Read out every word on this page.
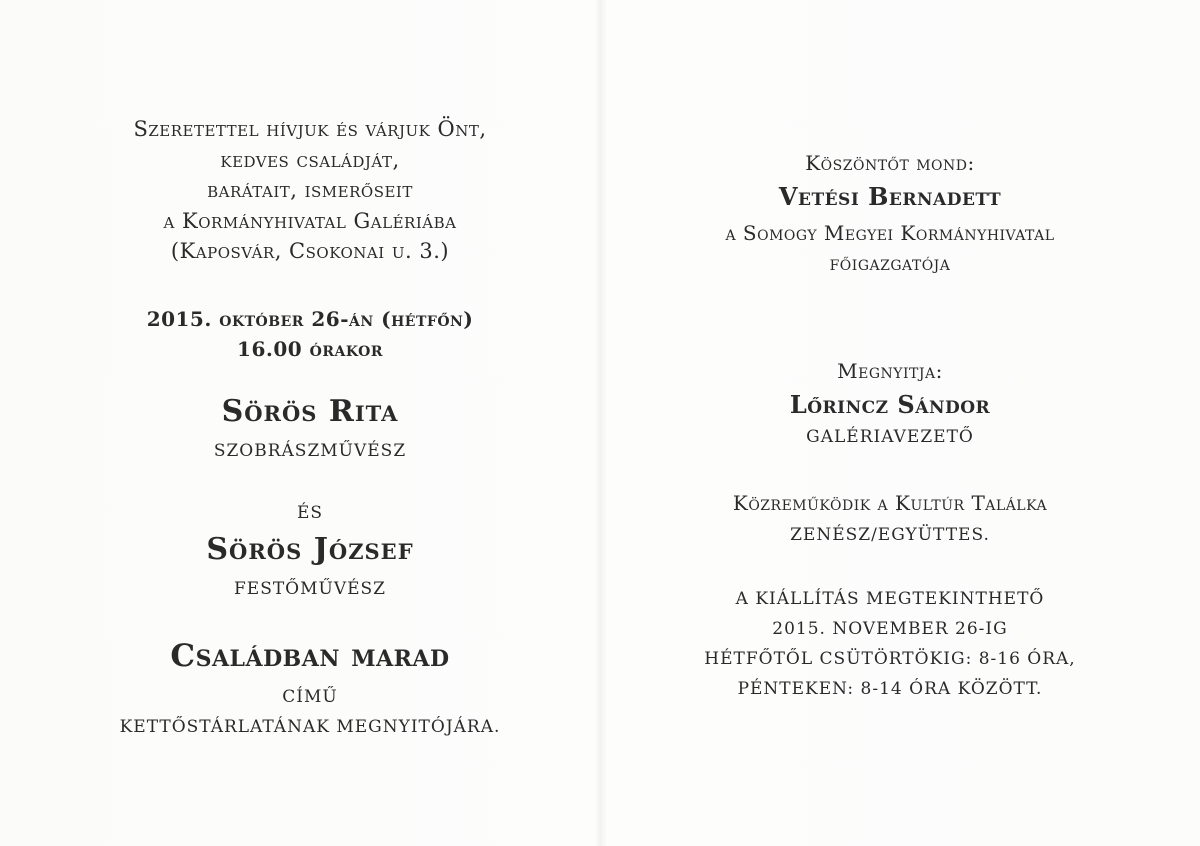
Szeretettel hívjuk és várjuk Önt,
kedves családját,
barátait, ismerőseit
a Kormányhivatal Galériába
(Kaposvár, Csokonai u. 3.)
2015. október 26-án (hétfőn)
16.00 órakor
Sörös Rita
SZOBRÁSZMŰVÉSZ
ÉS
Sörös József
FESTŐMŰVÉSZ
Családban marad
CÍMŰ
KETTŐSTÁRLATÁNAK MEGNYITÓJÁRA.
Köszöntőt mond:
Vetési Bernadett
a Somogy Megyei Kormányhivatal
főigazgatója
Megnyitja:
Lőrincz Sándor
GALÉRIAVEZETŐ
Közreműködik a Kultúr Találka
ZENÉSZ/EGYÜTTES.
A KIÁLLÍTÁS MEGTEKINTHETŐ
2015. NOVEMBER 26-IG
HÉTFŐTŐL CSÜTÖRTÖKIG: 8-16 ÓRA,
PÉNTEKEN: 8-14 ÓRA KÖZÖTT.
